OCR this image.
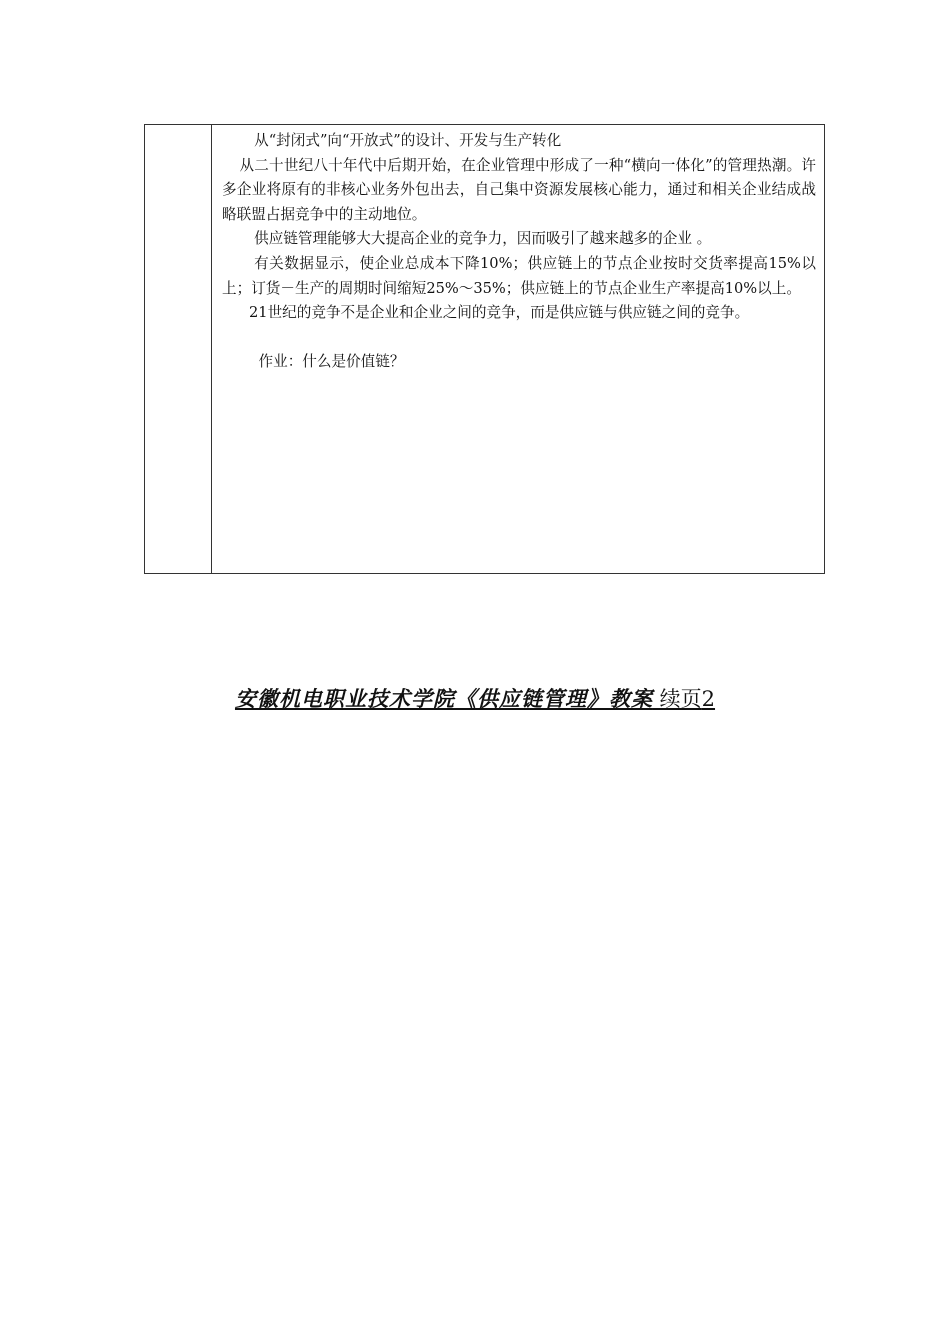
从“封闭式”向“开放式”的设计、开发与生产转化

从二十世纪八十年代中后期开始，在企业管理中形成了一种“横向一体化”的管理热潮。许多企业将原有的非核心业务外包出去，自己集中资源发展核心能力，通过和相关企业结成战略联盟占据竞争中的主动地位。

供应链管理能够大大提高企业的竞争力，因而吸引了越来越多的企业 。

有关数据显示，使企业总成本下降10%；供应链上的节点企业按时交货率提高15%以上；订货－生产的周期时间缩短25%～35%；供应链上的节点企业生产率提高10%以上。

21世纪的竞争不是企业和企业之间的竞争，而是供应链与供应链之间的竞争。

作业：什么是价值链？

安徽机电职业技术学院《供应链管理》教案 续页2
